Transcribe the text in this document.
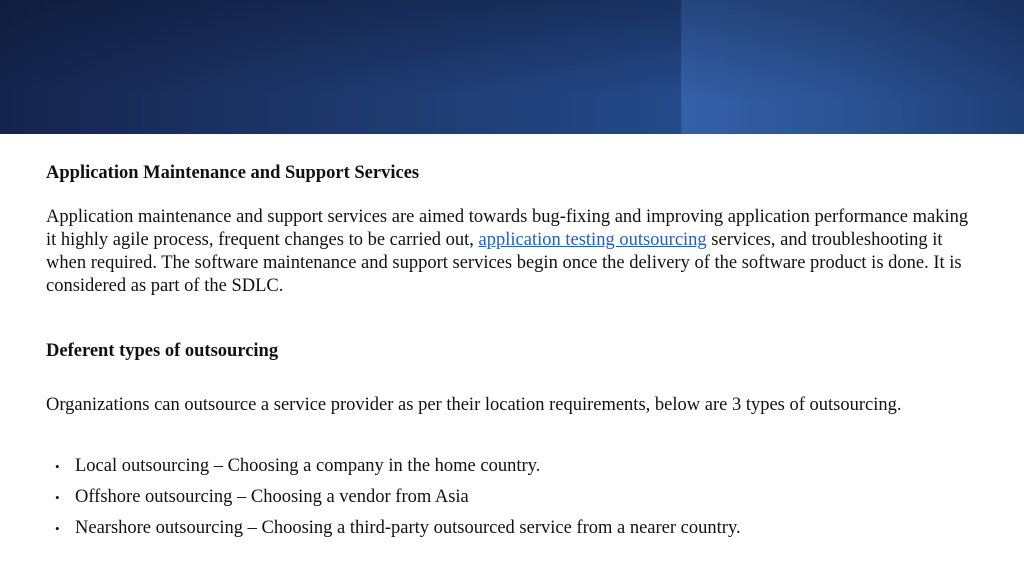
Application Maintenance and Support Services

Application maintenance and support services are aimed towards bug-fixing and improving application performance making it highly agile process, frequent changes to be carried out, application testing outsourcing services, and troubleshooting it when required. The software maintenance and support services begin once the delivery of the software product is done. It is considered as part of the SDLC.

Deferent types of outsourcing

Organizations can outsource a service provider as per their location requirements, below are 3 types of outsourcing.

• Local outsourcing – Choosing a company in the home country.
• Offshore outsourcing – Choosing a vendor from Asia
• Nearshore outsourcing – Choosing a third-party outsourced service from a nearer country.
